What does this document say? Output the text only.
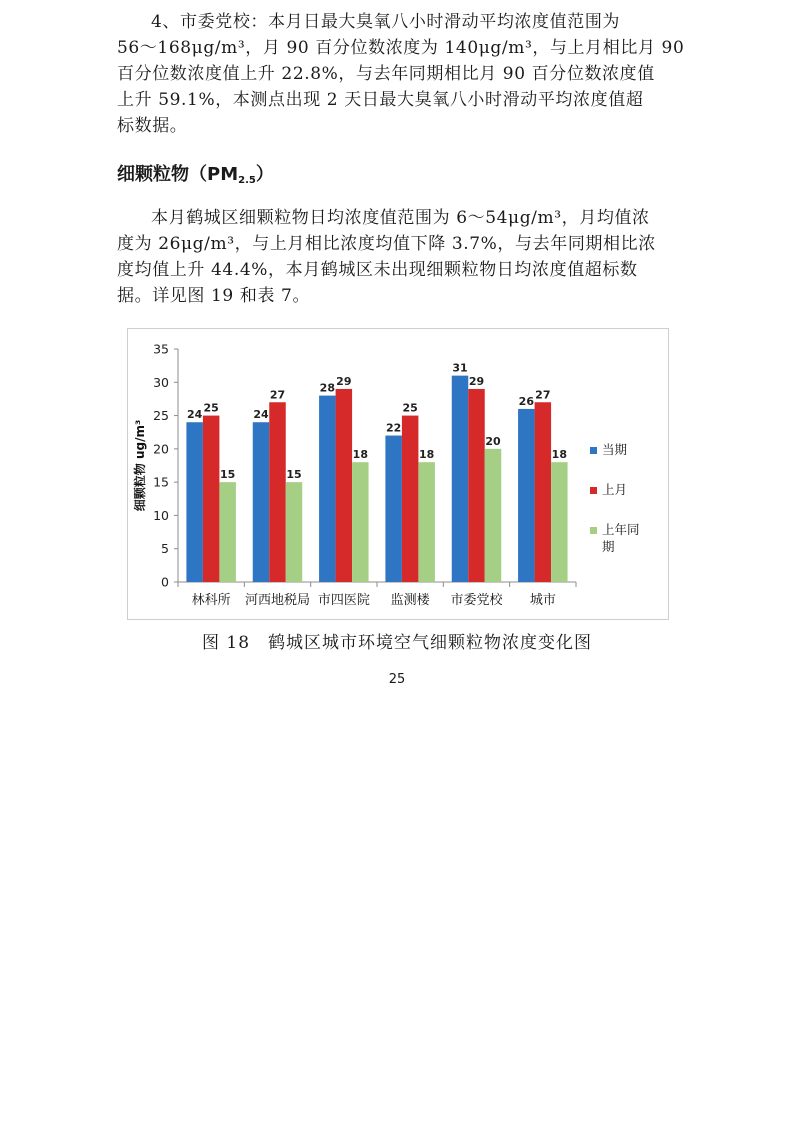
4、市委党校：本月日最大臭氧八小时滑动平均浓度值范围为
56～168μg/m³，月 90 百分位数浓度为 140μg/m³，与上月相比月 90
百分位数浓度值上升 22.8%，与去年同期相比月 90 百分位数浓度值
上升 59.1%，本测点出现 2 天日最大臭氧八小时滑动平均浓度值超
标数据。
细颗粒物$(PM_{2.5})$
本月鹤城区细颗粒物日均浓度值范围为 6～54μg/m³，月均值浓
度为 26μg/m³，与上月相比浓度均值下降 3.7%，与去年同期相比浓
度均值上升 44.4%，本月鹤城区未出现细颗粒物日均浓度值超标数
据。详见图 19 和表 7。
0
5
10
15
20
25
30
35
24
25
15
林科所
24
27
15
河西地税局
28
29
18
市四医院
22
25
18
监测楼
31
29
20
市委党校
26
27
18
城市
细颗粒物 ug/m³	当期
上月
上年同
期

图 18　鹤城区城市环境空气细颗粒物浓度变化图

25
